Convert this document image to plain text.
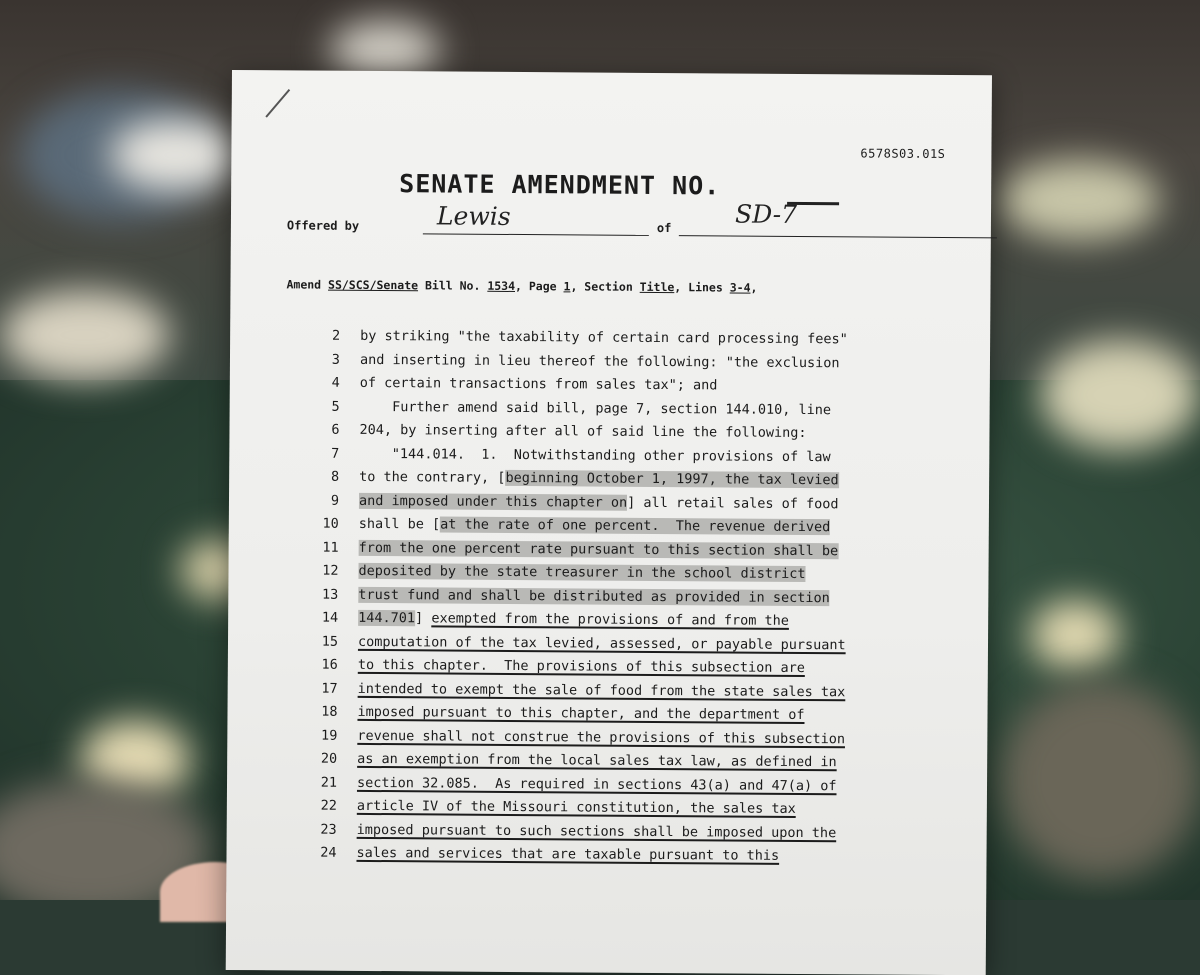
6578S03.01S
SENATE AMENDMENT NO.
Offered by	Lewis	of	SD-7
Amend SS/SCS/Senate Bill No. 1534, Page 1, Section Title, Lines 3-4,
2 by striking "the taxability of certain card processing fees"
3 and inserting in lieu thereof the following: "the exclusion
4 of certain transactions from sales tax"; and
5 Further amend said bill, page 7, section 144.010, line
6 204, by inserting after all of said line the following:
7 "144.014.  1.  Notwithstanding other provisions of law
8 to the contrary, [beginning October 1, 1997, the tax levied
9 and imposed under this chapter on] all retail sales of food
10 shall be [at the rate of one percent.  The revenue derived
11 from the one percent rate pursuant to this section shall be
12 deposited by the state treasurer in the school district
13 trust fund and shall be distributed as provided in section
14 144.701] exempted from the provisions of and from the
15 computation of the tax levied, assessed, or payable pursuant
16 to this chapter.  The provisions of this subsection are
17 intended to exempt the sale of food from the state sales tax
18 imposed pursuant to this chapter, and the department of
19 revenue shall not construe the provisions of this subsection
20 as an exemption from the local sales tax law, as defined in
21 section 32.085.  As required in sections 43(a) and 47(a) of
22 article IV of the Missouri constitution, the sales tax
23 imposed pursuant to such sections shall be imposed upon the
24 sales and services that are taxable pursuant to this
